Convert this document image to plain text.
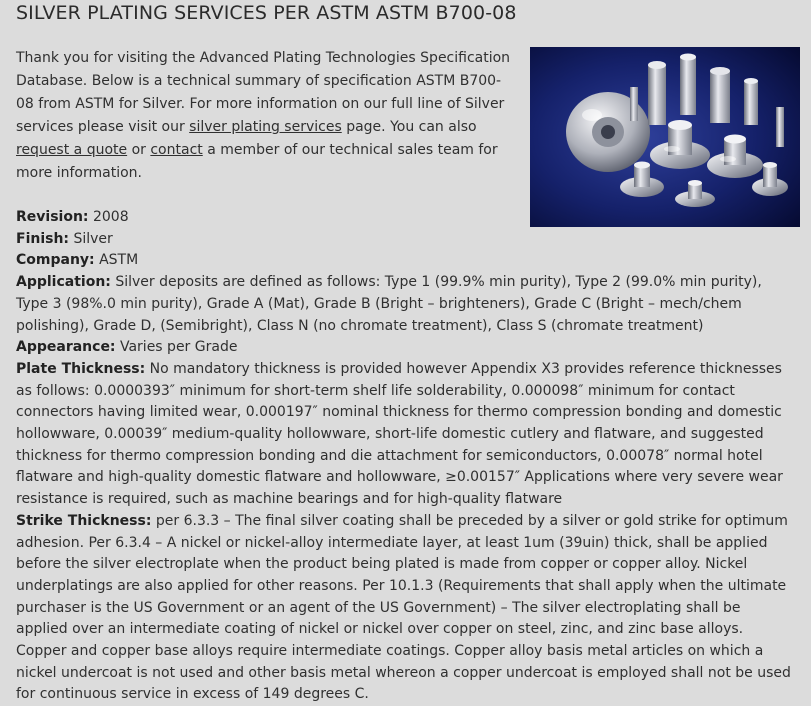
SILVER PLATING SERVICES PER ASTM ASTM B700-08

Thank you for visiting the Advanced Plating Technologies Specification Database. Below is a technical summary of specification ASTM B700-08 from ASTM for Silver. For more information on our full line of Silver services please visit our silver plating services page. You can also request a quote or contact a member of our technical sales team for more information.

Revision: 2008

Finish: Silver

Company: ASTM

Application: Silver deposits are defined as follows: Type 1 (99.9% min purity), Type 2 (99.0% min purity), Type 3 (98%.0 min purity), Grade A (Mat), Grade B (Bright – brighteners), Grade C (Bright – mech/chem polishing), Grade D, (Semibright), Class N (no chromate treatment), Class S (chromate treatment)

Appearance: Varies per Grade

Plate Thickness: No mandatory thickness is provided however Appendix X3 provides reference thicknesses as follows: 0.0000393″ minimum for short-term shelf life solderability, 0.000098″ minimum for contact connectors having limited wear, 0.000197″ nominal thickness for thermo compression bonding and domestic hollowware, 0.00039″ medium-quality hollowware, short-life domestic cutlery and flatware, and suggested thickness for thermo compression bonding and die attachment for semiconductors, 0.00078″ normal hotel flatware and high-quality domestic flatware and hollowware, ≥0.00157″ Applications where very severe wear resistance is required, such as machine bearings and for high-quality flatware

Strike Thickness: per 6.3.3 – The final silver coating shall be preceded by a silver or gold strike for optimum adhesion. Per 6.3.4 – A nickel or nickel-alloy intermediate layer, at least 1um (39uin) thick, shall be applied before the silver electroplate when the product being plated is made from copper or copper alloy. Nickel underplatings are also applied for other reasons. Per 10.1.3 (Requirements that shall apply when the ultimate purchaser is the US Government or an agent of the US Government) – The silver electroplating shall be applied over an intermediate coating of nickel or nickel over copper on steel, zinc, and zinc base alloys. Copper and copper base alloys require intermediate coatings. Copper alloy basis metal articles on which a nickel undercoat is not used and other basis metal whereon a copper undercoat is employed shall not be used for continuous service in excess of 149 degrees C.
